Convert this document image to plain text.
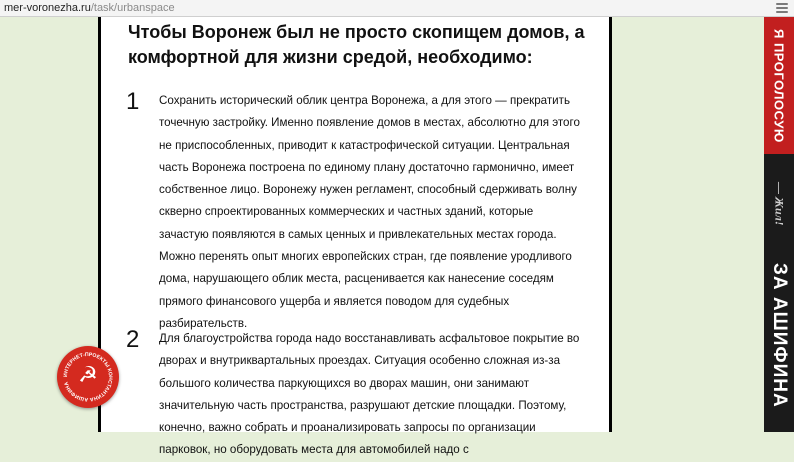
mer-voronezha.ru/task/urbanspace
Чтобы Воронеж был не просто скопищем домов, а комфортной для жизни средой, необходимо:
1 Сохранить исторический облик центра Воронежа, а для этого — прекратить точечную застройку. Именно появление домов в местах, абсолютно для этого не приспособленных, приводит к катастрофической ситуации. Центральная часть Воронежа построена по единому плану достаточно гармонично, имеет собственное лицо. Воронежу нужен регламент, способный сдерживать волну скверно спроектированных коммерческих и частных зданий, которые зачастую появляются в самых ценных и привлекательных местах города. Можно перенять опыт многих европейских стран, где появление уродливого дома, нарушающего облик места, расценивается как нанесение соседям прямого финансового ущерба и является поводом для судебных разбирательств.

2 Для благоустройства города надо восстанавливать асфальтовое покрытие во дворах и внутриквартальных проездах. Ситуация особенно сложная из-за большого количества паркующихся во дворах машин, они занимают значительную часть пространства, разрушают детские площадки. Поэтому, конечно, важно собрать и проанализировать запросы по организации парковок, но оборудовать места для автомобилей надо с

Я ПРОГОЛОСУЮ
— Жил!
ЗА АШИФИНА
ИНТЕРНЕТ-ПРОЕКТЫ КОНСТАНТИНА АШИФИНА ☭
